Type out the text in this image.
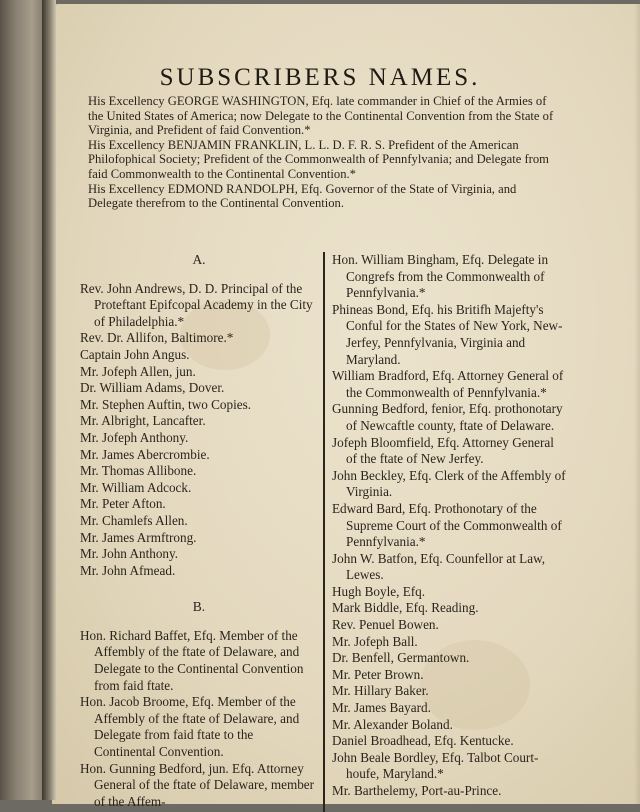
SUBSCRIBERS NAMES.

His Excellency GEORGE WASHINGTON, Efq. late commander in Chief of the Armies of the United States of America; now Delegate to the Continental Convention from the State of Virginia, and Prefident of faid Convention.*

His Excellency BENJAMIN FRANKLIN, L. L. D. F. R. S. Prefident of the American Philofophical Society; Prefident of the Commonwealth of Pennfylvania; and Delegate from faid Commonwealth to the Continental Convention.*

His Excellency EDMOND RANDOLPH, Efq. Governor of the State of Virginia, and Delegate therefrom to the Continental Convention.

A.

Rev. John Andrews, D. D. Principal of the Proteftant Epifcopal Academy in the City of Philadelphia.*

Rev. Dr. Allifon, Baltimore.*

Captain John Angus.

Mr. Jofeph Allen, jun.

Dr. William Adams, Dover.

Mr. Stephen Auftin, two Copies.

Mr. Albright, Lancafter.

Mr. Jofeph Anthony.

Mr. James Abercrombie.

Mr. Thomas Allibone.

Mr. William Adcock.

Mr. Peter Afton.

Mr. Chamlefs Allen.

Mr. James Armftrong.

Mr. John Anthony.

Mr. John Afmead.

B.

Hon. Richard Baffet, Efq. Member of the Affembly of the ftate of Delaware, and Delegate to the Continental Convention from faid ftate.

Hon. Jacob Broome, Efq. Member of the Affembly of the ftate of Delaware, and Delegate from faid ftate to the Continental Convention.

Hon. Gunning Bedford, jun. Efq. Attorney General of the ftate of Delaware, member of the Affem-

Hon. William Bingham, Efq. Delegate in Congrefs from the Commonwealth of Pennfylvania.*

Phineas Bond, Efq. his Britifh Majefty's Conful for the States of New York, New-Jerfey, Pennfylvania, Virginia and Maryland.

William Bradford, Efq. Attorney General of the Commonwealth of Pennfylvania.*

Gunning Bedford, fenior, Efq. prothonotary of Newcaftle county, ftate of Delaware.

Jofeph Bloomfield, Efq. Attorney General of the ftate of New Jerfey.

John Beckley, Efq. Clerk of the Affembly of Virginia.

Edward Bard, Efq. Prothonotary of the Supreme Court of the Commonwealth of Pennfylvania.*

John W. Batfon, Efq. Counfellor at Law, Lewes.

Hugh Boyle, Efq.

Mark Biddle, Efq. Reading.

Rev. Penuel Bowen.

Mr. Jofeph Ball.

Dr. Benfell, Germantown.

Mr. Peter Brown.

Mr. Hillary Baker.

Mr. James Bayard.

Mr. Alexander Boland.

Daniel Broadhead, Efq. Kentucke.

John Beale Bordley, Efq. Talbot Court-houfe, Maryland.*

Mr. Barthelemy, Port-au-Prince.
